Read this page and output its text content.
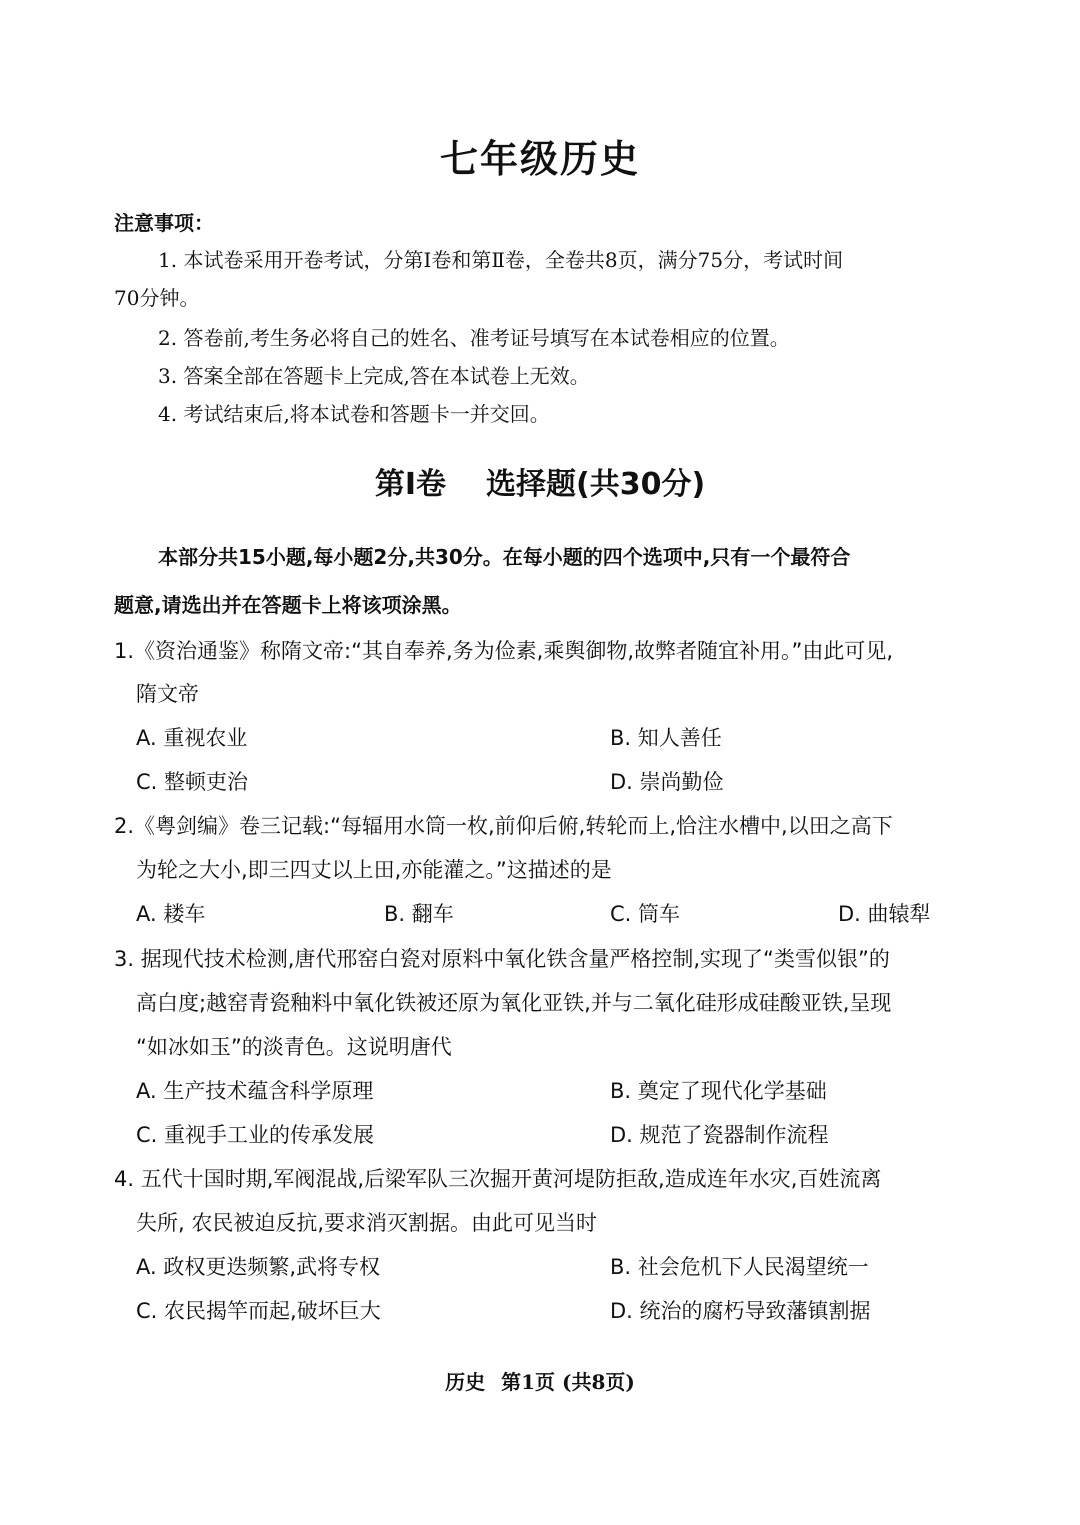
七年级历史
注意事项：
1. 本试卷采用开卷考试，分第Ⅰ卷和第Ⅱ卷，全卷共8页，满分75分，考试时间
70分钟。
2. 答卷前,考生务必将自己的姓名、准考证号填写在本试卷相应的位置。
3. 答案全部在答题卡上完成,答在本试卷上无效。
4. 考试结束后,将本试卷和答题卡一并交回。
第Ⅰ卷 选择题(共30分)
本部分共15小题,每小题2分,共30分。在每小题的四个选项中,只有一个最符合
题意,请选出并在答题卡上将该项涂黑。
1.《资治通鉴》称隋文帝:“其自奉养,务为俭素,乘舆御物,故弊者随宜补用。”由此可见,
隋文帝
A. 重视农业	B. 知人善任
C. 整顿吏治	D. 崇尚勤俭
2.《粤剑编》卷三记载:“每辐用水筒一枚,前仰后俯,转轮而上,恰注水槽中,以田之高下
为轮之大小,即三四丈以上田,亦能灌之。”这描述的是
A. 耧车	B. 翻车	C. 筒车	D. 曲辕犁
3. 据现代技术检测,唐代邢窑白瓷对原料中氧化铁含量严格控制,实现了“类雪似银”的
高白度;越窑青瓷釉料中氧化铁被还原为氧化亚铁,并与二氧化硅形成硅酸亚铁,呈现
“如冰如玉”的淡青色。这说明唐代
A. 生产技术蕴含科学原理	B. 奠定了现代化学基础
C. 重视手工业的传承发展	D. 规范了瓷器制作流程
4. 五代十国时期,军阀混战,后梁军队三次掘开黄河堤防拒敌,造成连年水灾,百姓流离
失所, 农民被迫反抗,要求消灭割据。由此可见当时
A. 政权更迭频繁,武将专权	B. 社会危机下人民渴望统一
C. 农民揭竿而起,破坏巨大	D. 统治的腐朽导致藩镇割据
历史 第1页 (共8页)
